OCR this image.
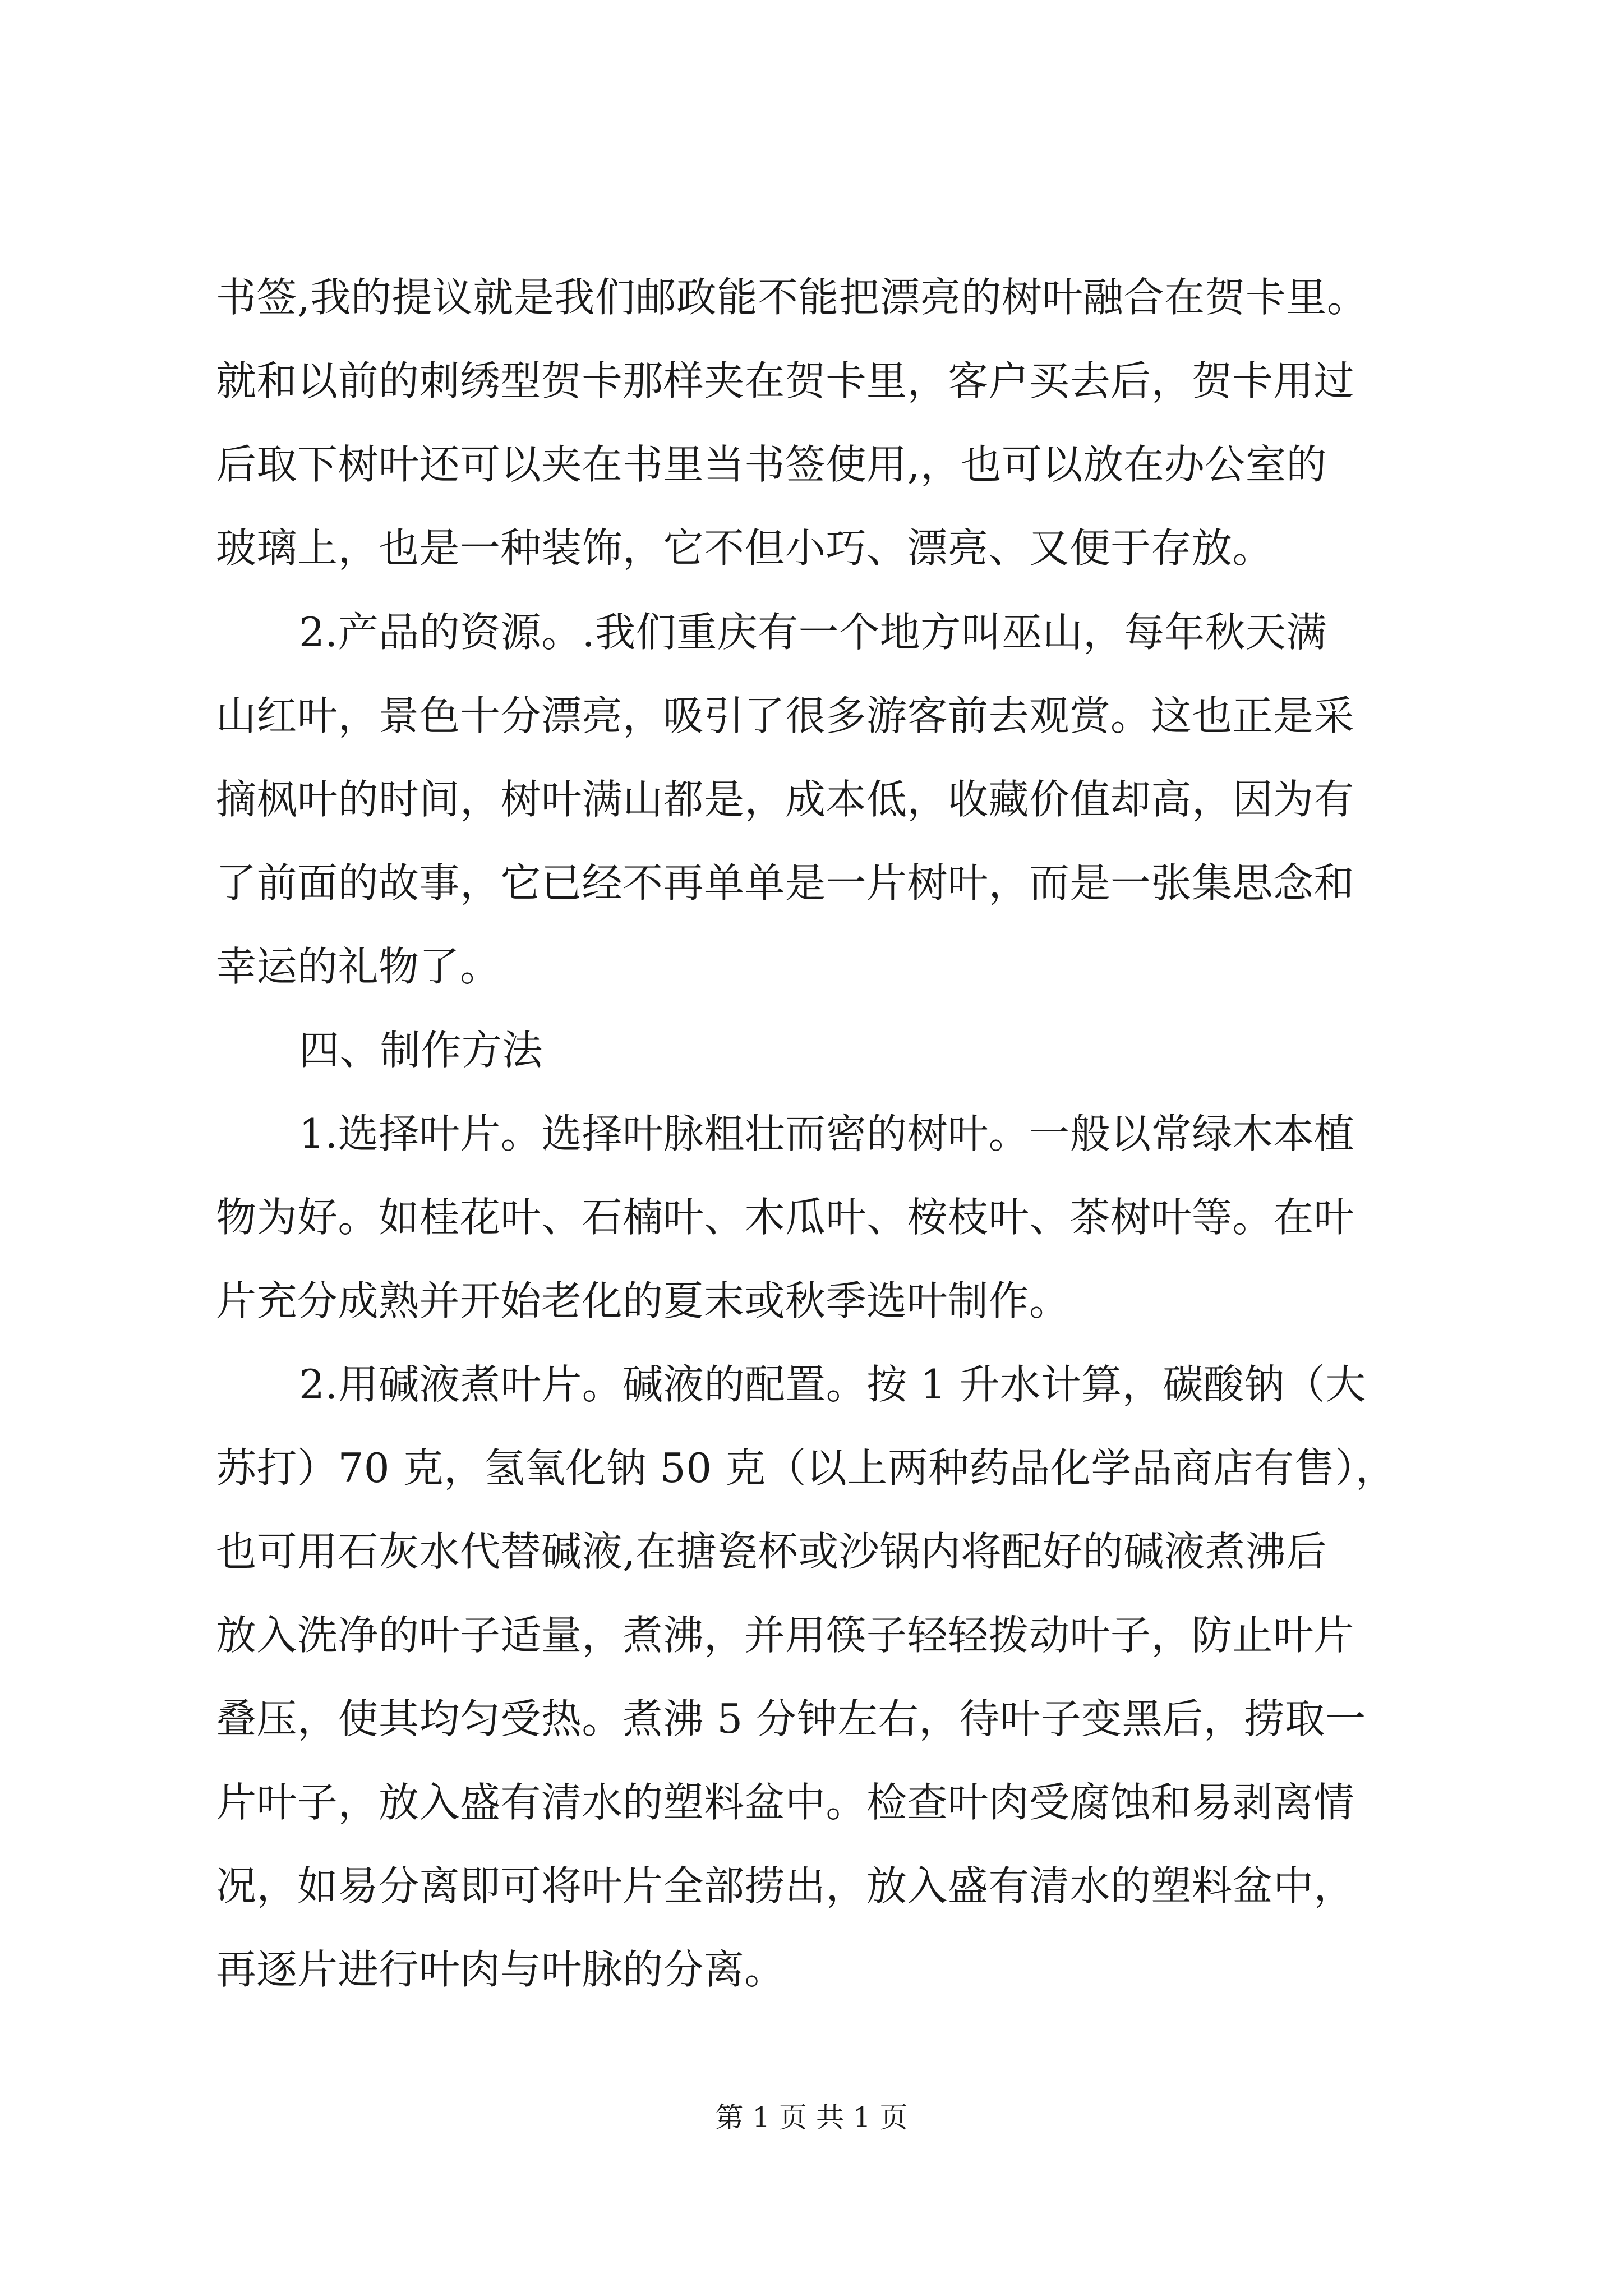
书签,我的提议就是我们邮政能不能把漂亮的树叶融合在贺卡里。
就和以前的刺绣型贺卡那样夹在贺卡里，客户买去后，贺卡用过
后取下树叶还可以夹在书里当书签使用,，也可以放在办公室的
玻璃上，也是一种装饰，它不但小巧、漂亮、又便于存放。
2.产品的资源。.我们重庆有一个地方叫巫山，每年秋天满
山红叶，景色十分漂亮，吸引了很多游客前去观赏。这也正是采
摘枫叶的时间，树叶满山都是，成本低，收藏价值却高，因为有
了前面的故事，它已经不再单单是一片树叶，而是一张集思念和
幸运的礼物了。
四、制作方法
1.选择叶片。选择叶脉粗壮而密的树叶。一般以常绿木本植
物为好。如桂花叶、石楠叶、木瓜叶、桉枝叶、茶树叶等。在叶
片充分成熟并开始老化的夏末或秋季选叶制作。
2.用碱液煮叶片。碱液的配置。按 1 升水计算，碳酸钠（大
苏打）70 克，氢氧化钠 50 克（以上两种药品化学品商店有售），
也可用石灰水代替碱液,在搪瓷杯或沙锅内将配好的碱液煮沸后
放入洗净的叶子适量，煮沸，并用筷子轻轻拨动叶子，防止叶片
叠压，使其均匀受热。煮沸 5 分钟左右，待叶子变黑后，捞取一
片叶子，放入盛有清水的塑料盆中。检查叶肉受腐蚀和易剥离情
况，如易分离即可将叶片全部捞出，放入盛有清水的塑料盆中，
再逐片进行叶肉与叶脉的分离。
第 1 页 共 1 页
